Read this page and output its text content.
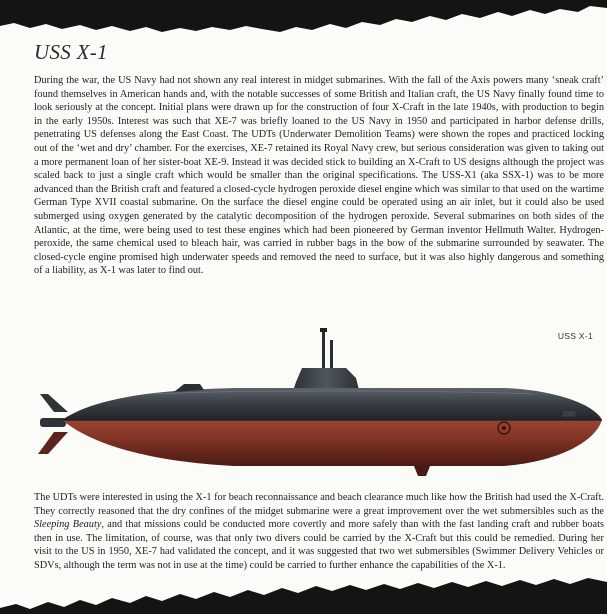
USS X-1

During the war, the US Navy had not shown any real interest in midget submarines. With the fall of the Axis powers many ‘sneak craft’ found themselves in American hands and, with the notable successes of some British and Italian craft, the US Navy finally found time to look seriously at the concept. Initial plans were drawn up for the construction of four X-Craft in the late 1940s, with production to begin in the early 1950s. Interest was such that XE-7 was briefly loaned to the US Navy in 1950 and participated in harbor defense drills, penetrating US defenses along the East Coast. The UDTs (Underwater Demolition Teams) were shown the ropes and practiced locking out of the ‘wet and dry’ chamber. For the exercises, XE-7 retained its Royal Navy crew, but serious consideration was given to taking out a more permanent loan of her sister-boat XE-9. Instead it was decided stick to building an X-Craft to US designs although the project was scaled back to just a single craft which would be smaller than the original specifications. The USS-X1 (aka SSX-1) was to be more advanced than the British craft and featured a closed-cycle hydrogen peroxide diesel engine which was similar to that used on the wartime German Type XVII coastal submarine. On the surface the diesel engine could be operated using an air inlet, but it could also be used submerged using oxygen generated by the catalytic decomposition of the hydrogen peroxide. Several submarines on both sides of the Atlantic, at the time, were being used to test these engines which had been pioneered by German inventor Hellmuth Walter. Hydrogen-peroxide, the same chemical used to bleach hair, was carried in rubber bags in the bow of the submarine surrounded by seawater. The closed-cycle engine promised high underwater speeds and removed the need to surface, but it was also highly dangerous and something of a liability, as X-1 was later to find out.

USS X-1

The UDTs were interested in using the X-1 for beach reconnaissance and beach clearance much like how the British had used the X-Craft. They correctly reasoned that the dry confines of the midget submarine were a great improvement over the wet submersibles such as the Sleeping Beauty, and that missions could be conducted more covertly and more safely than with the fast landing craft and rubber boats then in use. The limitation, of course, was that only two divers could be carried by the X-Craft but this could be remedied. During her visit to the US in 1950, XE-7 had validated the concept, and it was suggested that two wet submersibles (Swimmer Delivery Vehicles or SDVs, although the term was not in use at the time) could be carried to further enhance the capabilities of the X-1.
